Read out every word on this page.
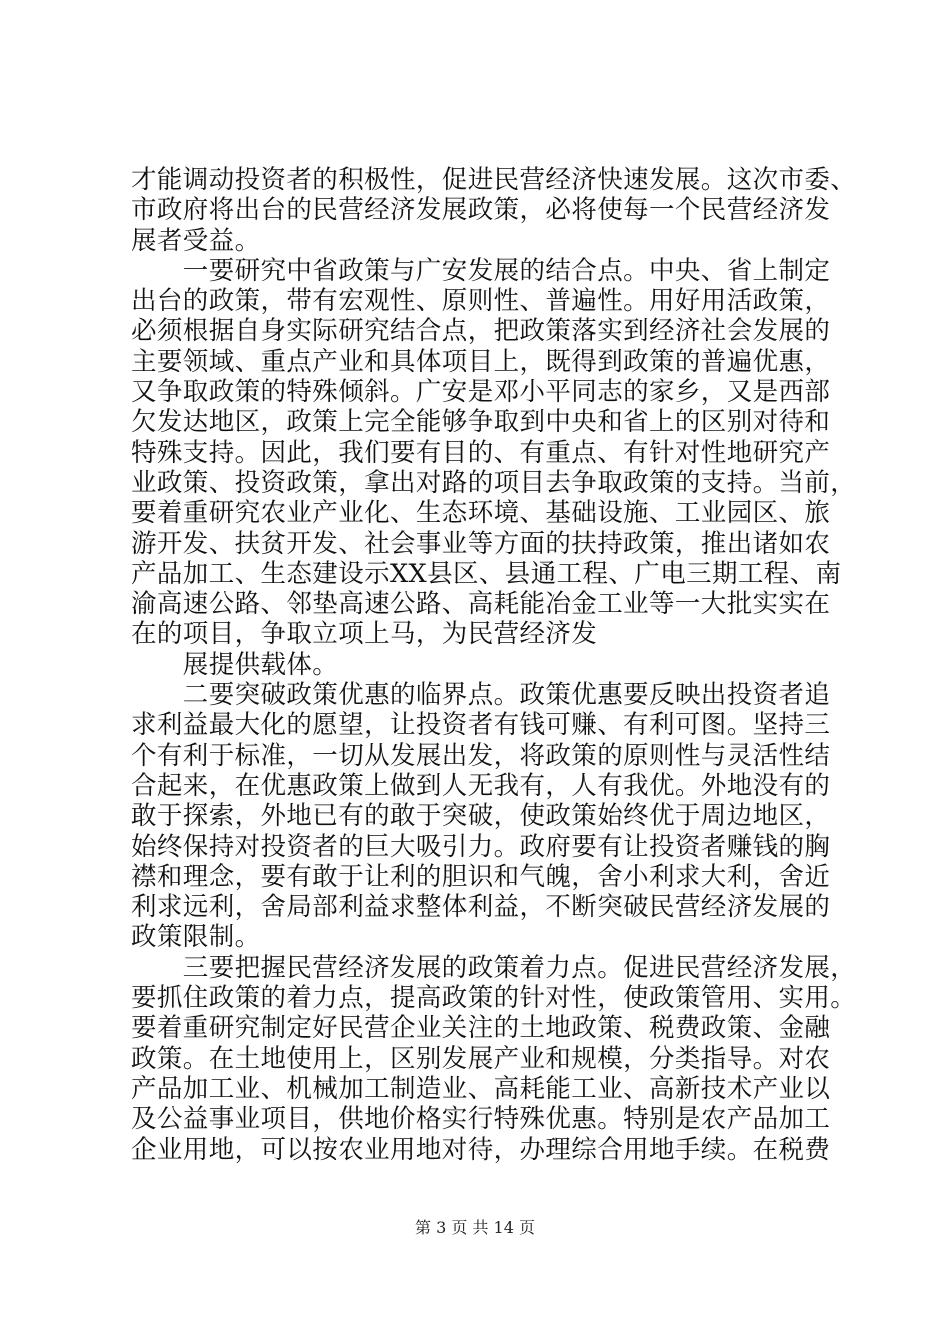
才能调动投资者的积极性，促进民营经济快速发展。这次市委、
市政府将出台的民营经济发展政策，必将使每一个民营经济发
展者受益。
　　一要研究中省政策与广安发展的结合点。中央、省上制定
出台的政策，带有宏观性、原则性、普遍性。用好用活政策，
必须根据自身实际研究结合点，把政策落实到经济社会发展的
主要领域、重点产业和具体项目上，既得到政策的普遍优惠，
又争取政策的特殊倾斜。广安是邓小平同志的家乡，又是西部
欠发达地区，政策上完全能够争取到中央和省上的区别对待和
特殊支持。因此，我们要有目的、有重点、有针对性地研究产
业政策、投资政策，拿出对路的项目去争取政策的支持。当前，
要着重研究农业产业化、生态环境、基础设施、工业园区、旅
游开发、扶贫开发、社会事业等方面的扶持政策，推出诸如农
产品加工、生态建设示XX县区、县通工程、广电三期工程、南
渝高速公路、邻垫高速公路、高耗能冶金工业等一大批实实在
在的项目，争取立项上马，为民营经济发
　　展提供载体。
　　二要突破政策优惠的临界点。政策优惠要反映出投资者追
求利益最大化的愿望，让投资者有钱可赚、有利可图。坚持三
个有利于标准，一切从发展出发，将政策的原则性与灵活性结
合起来，在优惠政策上做到人无我有，人有我优。外地没有的
敢于探索，外地已有的敢于突破，使政策始终优于周边地区，
始终保持对投资者的巨大吸引力。政府要有让投资者赚钱的胸
襟和理念，要有敢于让利的胆识和气魄，舍小利求大利，舍近
利求远利，舍局部利益求整体利益，不断突破民营经济发展的
政策限制。
　　三要把握民营经济发展的政策着力点。促进民营经济发展，
要抓住政策的着力点，提高政策的针对性，使政策管用、实用。
要着重研究制定好民营企业关注的土地政策、税费政策、金融
政策。在土地使用上，区别发展产业和规模，分类指导。对农
产品加工业、机械加工制造业、高耗能工业、高新技术产业以
及公益事业项目，供地价格实行特殊优惠。特别是农产品加工
企业用地，可以按农业用地对待，办理综合用地手续。在税费
第 3 页 共 14 页
